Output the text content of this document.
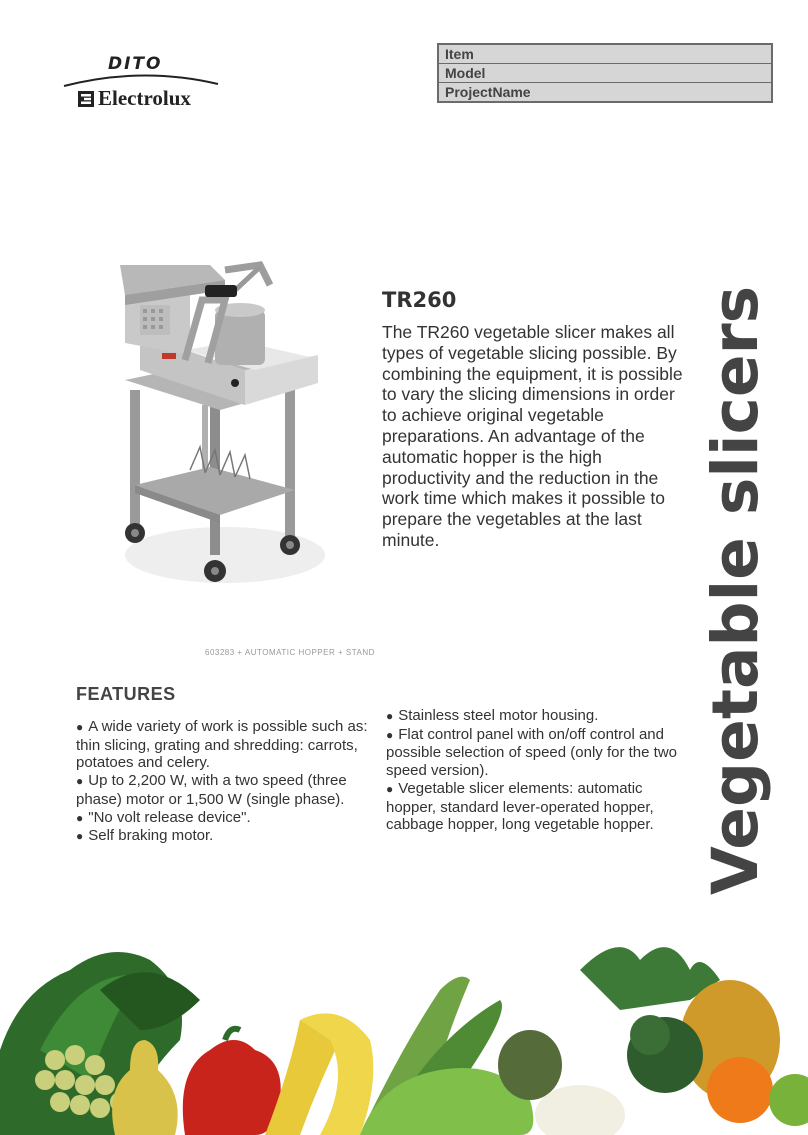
DITO
Electrolux
Item
Model
ProjectName
603283 + AUTOMATIC HOPPER + STAND
TR260

The TR260 vegetable slicer makes all types of vegetable slicing possible. By combining the equipment, it is possible to vary the slicing dimensions in order to achieve original vegetable preparations. An advantage of the automatic hopper is the high productivity and the reduction in the work time which makes it possible to prepare the vegetables at the last minute.	Vegetable slicers
FEATURES
● A wide variety of work is possible such as: thin slicing, grating and shredding: carrots, potatoes and celery.
● Up to 2,200 W, with a two speed (three phase) motor or 1,500 W (single phase).
● "No volt release device".
● Self braking motor.
● Stainless steel motor housing.
● Flat control panel with on/off control and possible selection of speed (only for the two speed version).
● Vegetable slicer elements: automatic hopper, standard lever-operated hopper, cabbage hopper, long vegetable hopper.
